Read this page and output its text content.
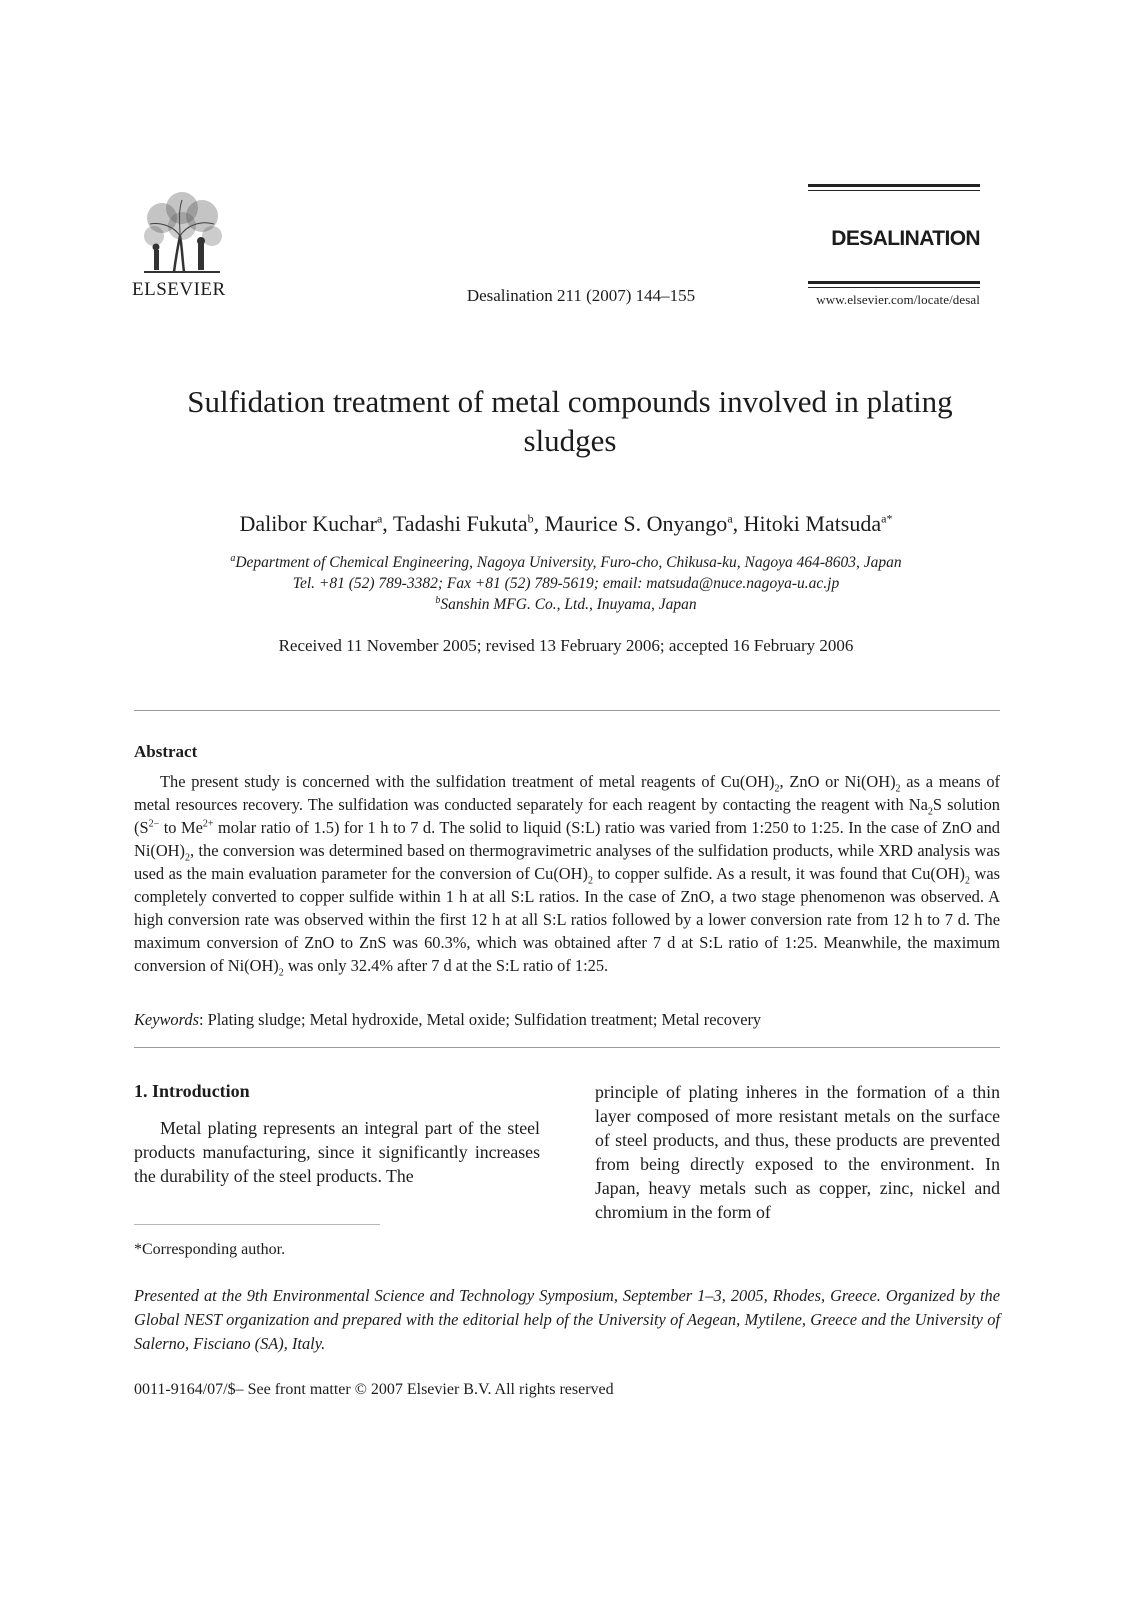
ELSEVIER	Desalination 211 (2007) 144–155
DESALINATION
www.elsevier.com/locate/desal
Sulfidation treatment of metal compounds involved in plating
sludges
Dalibor Kuchar$^a$, Tadashi Fukuta$^b$, Maurice S. Onyango$^a$, Hitoki Matsuda$^{a*}$
$^a$Department of Chemical Engineering, Nagoya University, Furo-cho, Chikusa-ku, Nagoya 464-8603, Japan
Tel. +81 (52) 789-3382; Fax +81 (52) 789-5619; email: matsuda@nuce.nagoya-u.ac.jp
$^b$Sanshin MFG. Co., Ltd., Inuyama, Japan
Received 11 November 2005; revised 13 February 2006; accepted 16 February 2006
Abstract
The present study is concerned with the sulfidation treatment of metal reagents of $Cu(OH)_2$, ZnO or $Ni(OH)_2$ as a means of metal resources recovery. The sulfidation was conducted separately for each reagent by contacting the reagent with $Na_2S$ solution ($S^{2-}$ to $Me^{2+}$ molar ratio of 1.5) for 1 h to 7 d. The solid to liquid (S:L) ratio was varied from 1:250 to 1:25. In the case of ZnO and $Ni(OH)_2$, the conversion was determined based on thermogravimetric analyses of the sulfidation products, while XRD analysis was used as the main evaluation parameter for the conversion of $Cu(OH)_2$ to copper sulfide. As a result, it was found that $Cu(OH)_2$ was completely converted to copper sulfide within 1 h at all S:L ratios. In the case of ZnO, a two stage phenomenon was observed. A high conversion rate was observed within the first 12 h at all S:L ratios followed by a lower conversion rate from 12 h to 7 d. The maximum conversion of ZnO to ZnS was 60.3%, which was obtained after 7 d at S:L ratio of 1:25. Meanwhile, the maximum conversion of $Ni(OH)_2$ was only 32.4% after 7 d at the S:L ratio of 1:25.
Keywords: Plating sludge; Metal hydroxide, Metal oxide; Sulfidation treatment; Metal recovery
1. Introduction
Metal plating represents an integral part of the steel products manufacturing, since it significantly increases the durability of the steel products. The
principle of plating inheres in the formation of a thin layer composed of more resistant metals on the surface of steel products, and thus, these products are prevented from being directly exposed to the environment. In Japan, heavy metals such as copper, zinc, nickel and chromium in the form of
*Corresponding author.
Presented at the 9th Environmental Science and Technology Symposium, September 1–3, 2005, Rhodes, Greece. Organized by the Global NEST organization and prepared with the editorial help of the University of Aegean, Mytilene, Greece and the University of Salerno, Fisciano (SA), Italy.
0011-9164/07/$– See front matter © 2007 Elsevier B.V. All rights reserved
